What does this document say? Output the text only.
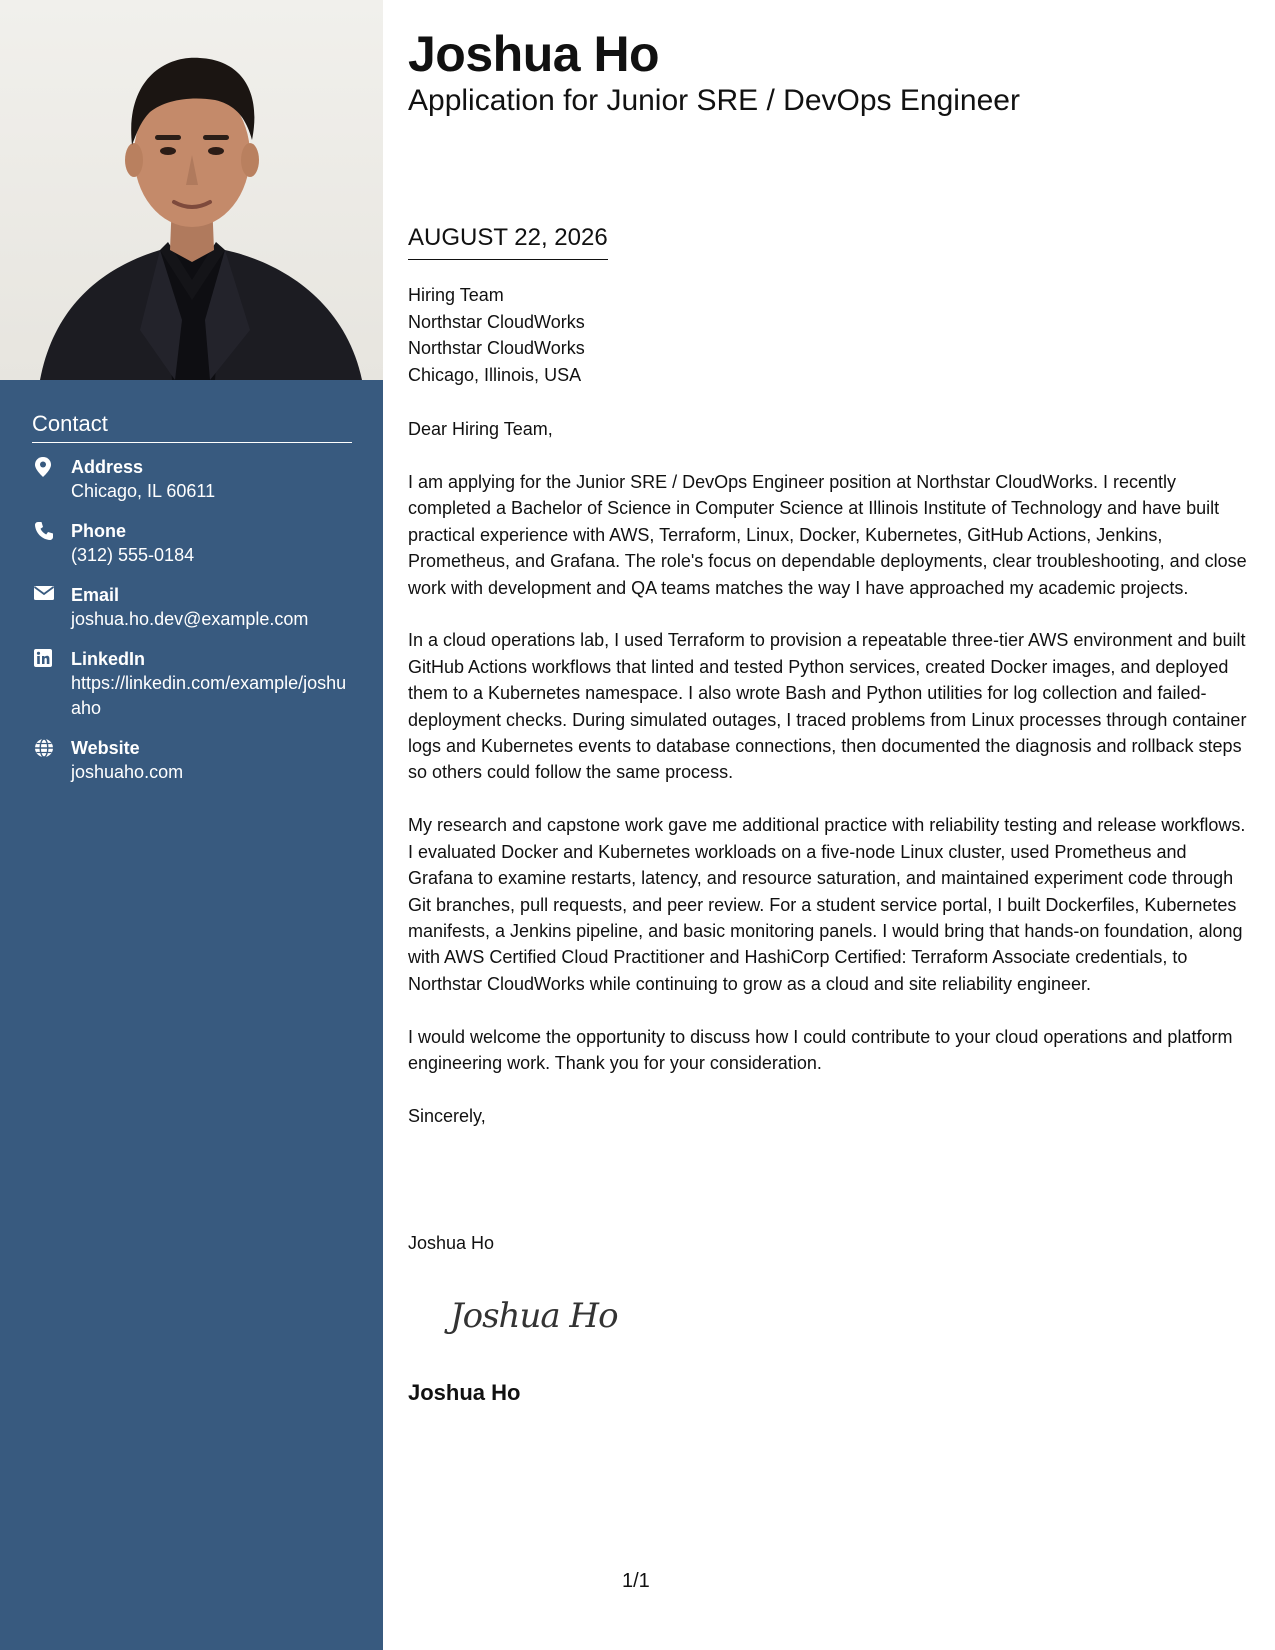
Contact
Address
Chicago, IL 60611
Phone
(312) 555-0184
Email
joshua.ho.dev@example.com
LinkedIn
https://linkedin.com/example/joshuaho
Website
joshuaho.com
Joshua Ho
Application for Junior SRE / DevOps Engineer
AUGUST 22, 2026
Hiring Team
Northstar CloudWorks
Northstar CloudWorks
Chicago, Illinois, USA

Dear Hiring Team,

I am applying for the Junior SRE / DevOps Engineer position at Northstar CloudWorks. I recently completed a Bachelor of Science in Computer Science at Illinois Institute of Technology and have built practical experience with AWS, Terraform, Linux, Docker, Kubernetes, GitHub Actions, Jenkins, Prometheus, and Grafana. The role's focus on dependable deployments, clear troubleshooting, and close work with development and QA teams matches the way I have approached my academic projects.

In a cloud operations lab, I used Terraform to provision a repeatable three-tier AWS environment and built GitHub Actions workflows that linted and tested Python services, created Docker images, and deployed them to a Kubernetes namespace. I also wrote Bash and Python utilities for log collection and failed-deployment checks. During simulated outages, I traced problems from Linux processes through container logs and Kubernetes events to database connections, then documented the diagnosis and rollback steps so others could follow the same process.

My research and capstone work gave me additional practice with reliability testing and release workflows. I evaluated Docker and Kubernetes workloads on a five-node Linux cluster, used Prometheus and Grafana to examine restarts, latency, and resource saturation, and maintained experiment code through Git branches, pull requests, and peer review. For a student service portal, I built Dockerfiles, Kubernetes manifests, a Jenkins pipeline, and basic monitoring panels. I would bring that hands-on foundation, along with AWS Certified Cloud Practitioner and HashiCorp Certified: Terraform Associate credentials, to Northstar CloudWorks while continuing to grow as a cloud and site reliability engineer.

I would welcome the opportunity to discuss how I could contribute to your cloud operations and platform engineering work. Thank you for your consideration.

Sincerely,

Joshua Ho
Joshua Ho
Joshua Ho
1/1
